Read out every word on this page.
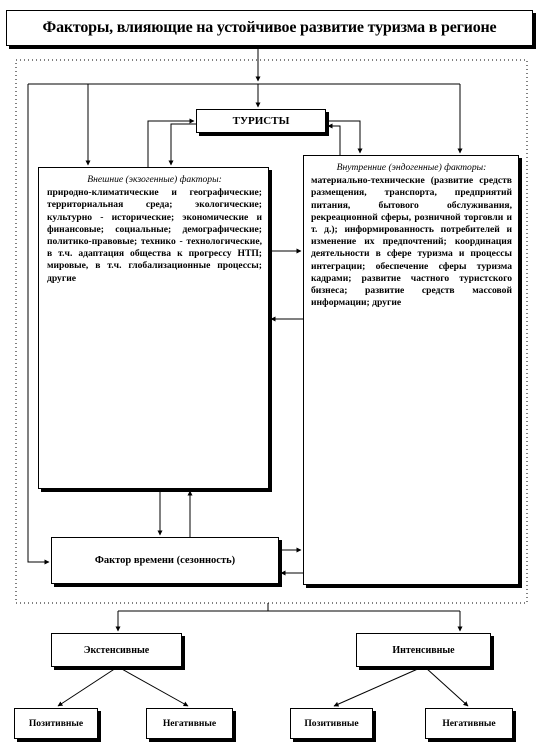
Факторы, влияющие на устойчивое развитие туризма в регионе
ТУРИСТЫ
Внешние (экзогенные) факторы:
природно-климатические и географические; территориальная среда; экологические; культурно - исторические; экономические и финансовые; социальные; демографические; политико-правовые; технико - технологические, в т.ч. адаптация общества к прогрессу НТП; мировые, в т.ч. глобализационные процессы; другие
Внутренние (эндогенные) факторы:
материально-технические (развитие средств размещения, транспорта, предприятий питания, бытового обслуживания, рекреационной сферы, розничной торговли и т. д.); информированность потребителей и изменение их предпочтений; координация деятельности в сфере туризма и процессы интеграции; обеспечение сферы туризма кадрами; развитие частного туристского бизнеса; развитие средств массовой информации; другие
Фактор времени (сезонность)
Экстенсивные	Интенсивные
Позитивные	Негативные	Позитивные	Негативные
